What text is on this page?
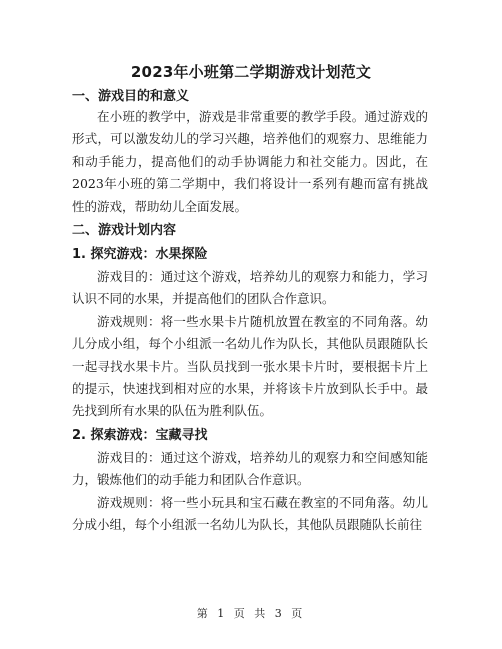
2023年小班第二学期游戏计划范文
一、游戏目的和意义

在小班的教学中，游戏是非常重要的教学手段。通过游戏的形式，可以激发幼儿的学习兴趣，培养他们的观察力、思维能力和动手能力，提高他们的动手协调能力和社交能力。因此，在2023年小班的第二学期中，我们将设计一系列有趣而富有挑战性的游戏，帮助幼儿全面发展。

二、游戏计划内容
1. 探究游戏：水果探险

游戏目的：通过这个游戏，培养幼儿的观察力和能力，学习认识不同的水果，并提高他们的团队合作意识。

游戏规则：将一些水果卡片随机放置在教室的不同角落。幼儿分成小组，每个小组派一名幼儿作为队长，其他队员跟随队长一起寻找水果卡片。当队员找到一张水果卡片时，要根据卡片上的提示，快速找到相对应的水果，并将该卡片放到队长手中。最先找到所有水果的队伍为胜利队伍。

2. 探索游戏：宝藏寻找

游戏目的：通过这个游戏，培养幼儿的观察力和空间感知能力，锻炼他们的动手能力和团队合作意识。

游戏规则：将一些小玩具和宝石藏在教室的不同角落。幼儿分成小组，每个小组派一名幼儿为队长，其他队员跟随队长前往

第 1 页 共 3 页
